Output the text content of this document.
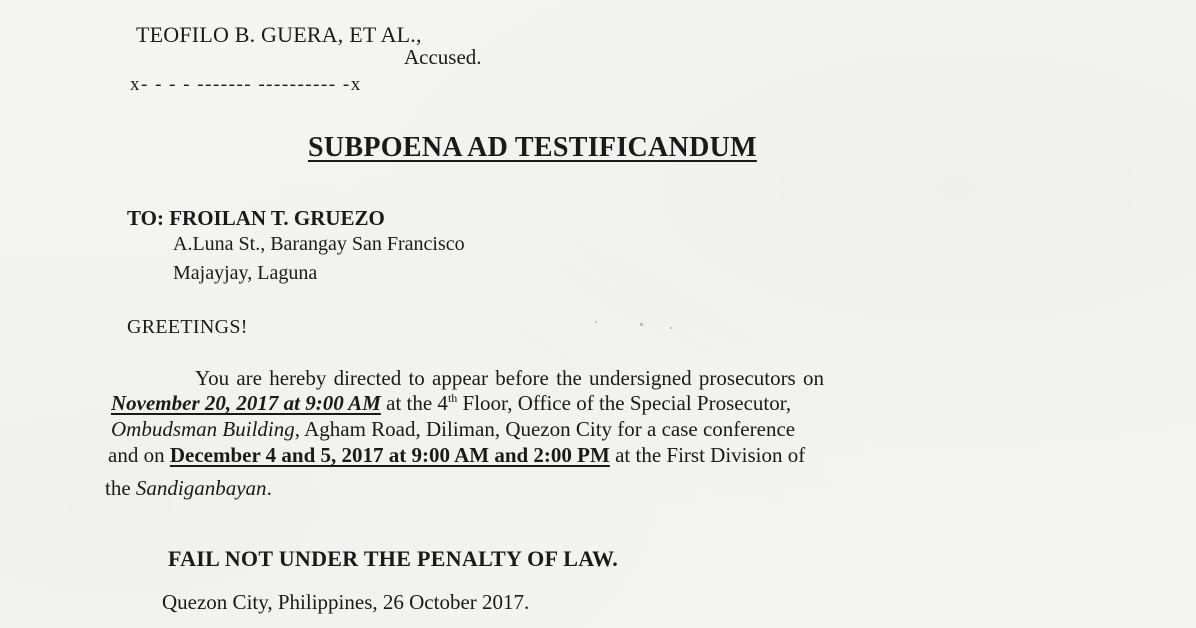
TEOFILO B. GUERA, ET AL.,
Accused.
x- - - - ------- ---------- -x
SUBPOENA AD TESTIFICANDUM
TO: FROILAN T. GRUEZO
A.Luna St., Barangay San Francisco
Majayjay, Laguna
GREETINGS!
You are hereby directed to appear before the undersigned prosecutors on
November 20, 2017 at 9:00 AM at the 4th Floor, Office of the Special Prosecutor,
Ombudsman Building, Agham Road, Diliman, Quezon City for a case conference
and on December 4 and 5, 2017 at 9:00 AM and 2:00 PM at the First Division of
the Sandiganbayan.
FAIL NOT UNDER THE PENALTY OF LAW.
Quezon City, Philippines, 26 October 2017.
